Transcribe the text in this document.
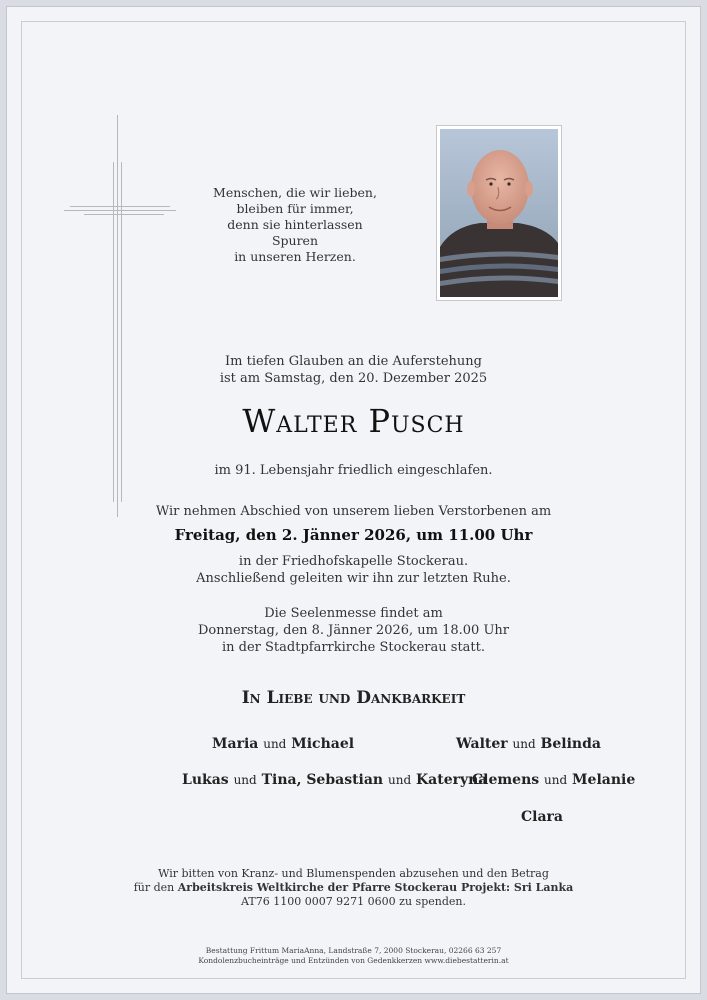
Menschen, die wir lieben,
bleiben für immer,
denn sie hinterlassen Spuren
in unseren Herzen.
Im tiefen Glauben an die Auferstehung
ist am Samstag, den 20. Dezember 2025
Walter Pusch
im 91. Lebensjahr friedlich eingeschlafen.
Wir nehmen Abschied von unserem lieben Verstorbenen am
Freitag, den 2. Jänner 2026, um 11.00 Uhr
in der Friedhofskapelle Stockerau.
Anschließend geleiten wir ihn zur letzten Ruhe.
Die Seelenmesse findet am
Donnerstag, den 8. Jänner 2026, um 18.00 Uhr
in der Stadtpfarrkirche Stockerau statt.
In Liebe und Dankbarkeit
Maria und Michael	Walter und Belinda
Lukas und Tina, Sebastian und Kateryna
Clemens und Melanie
Clara
Wir bitten von Kranz- und Blumenspenden abzusehen und den Betrag
für den Arbeitskreis Weltkirche der Pfarre Stockerau Projekt: Sri Lanka
AT76 1100 0007 9271 0600 zu spenden.
Bestattung Frittum MariaAnna, Landstraße 7, 2000 Stockerau, 02266 63 257
Kondolenzbucheinträge und Entzünden von Gedenkkerzen www.diebestatterin.at
